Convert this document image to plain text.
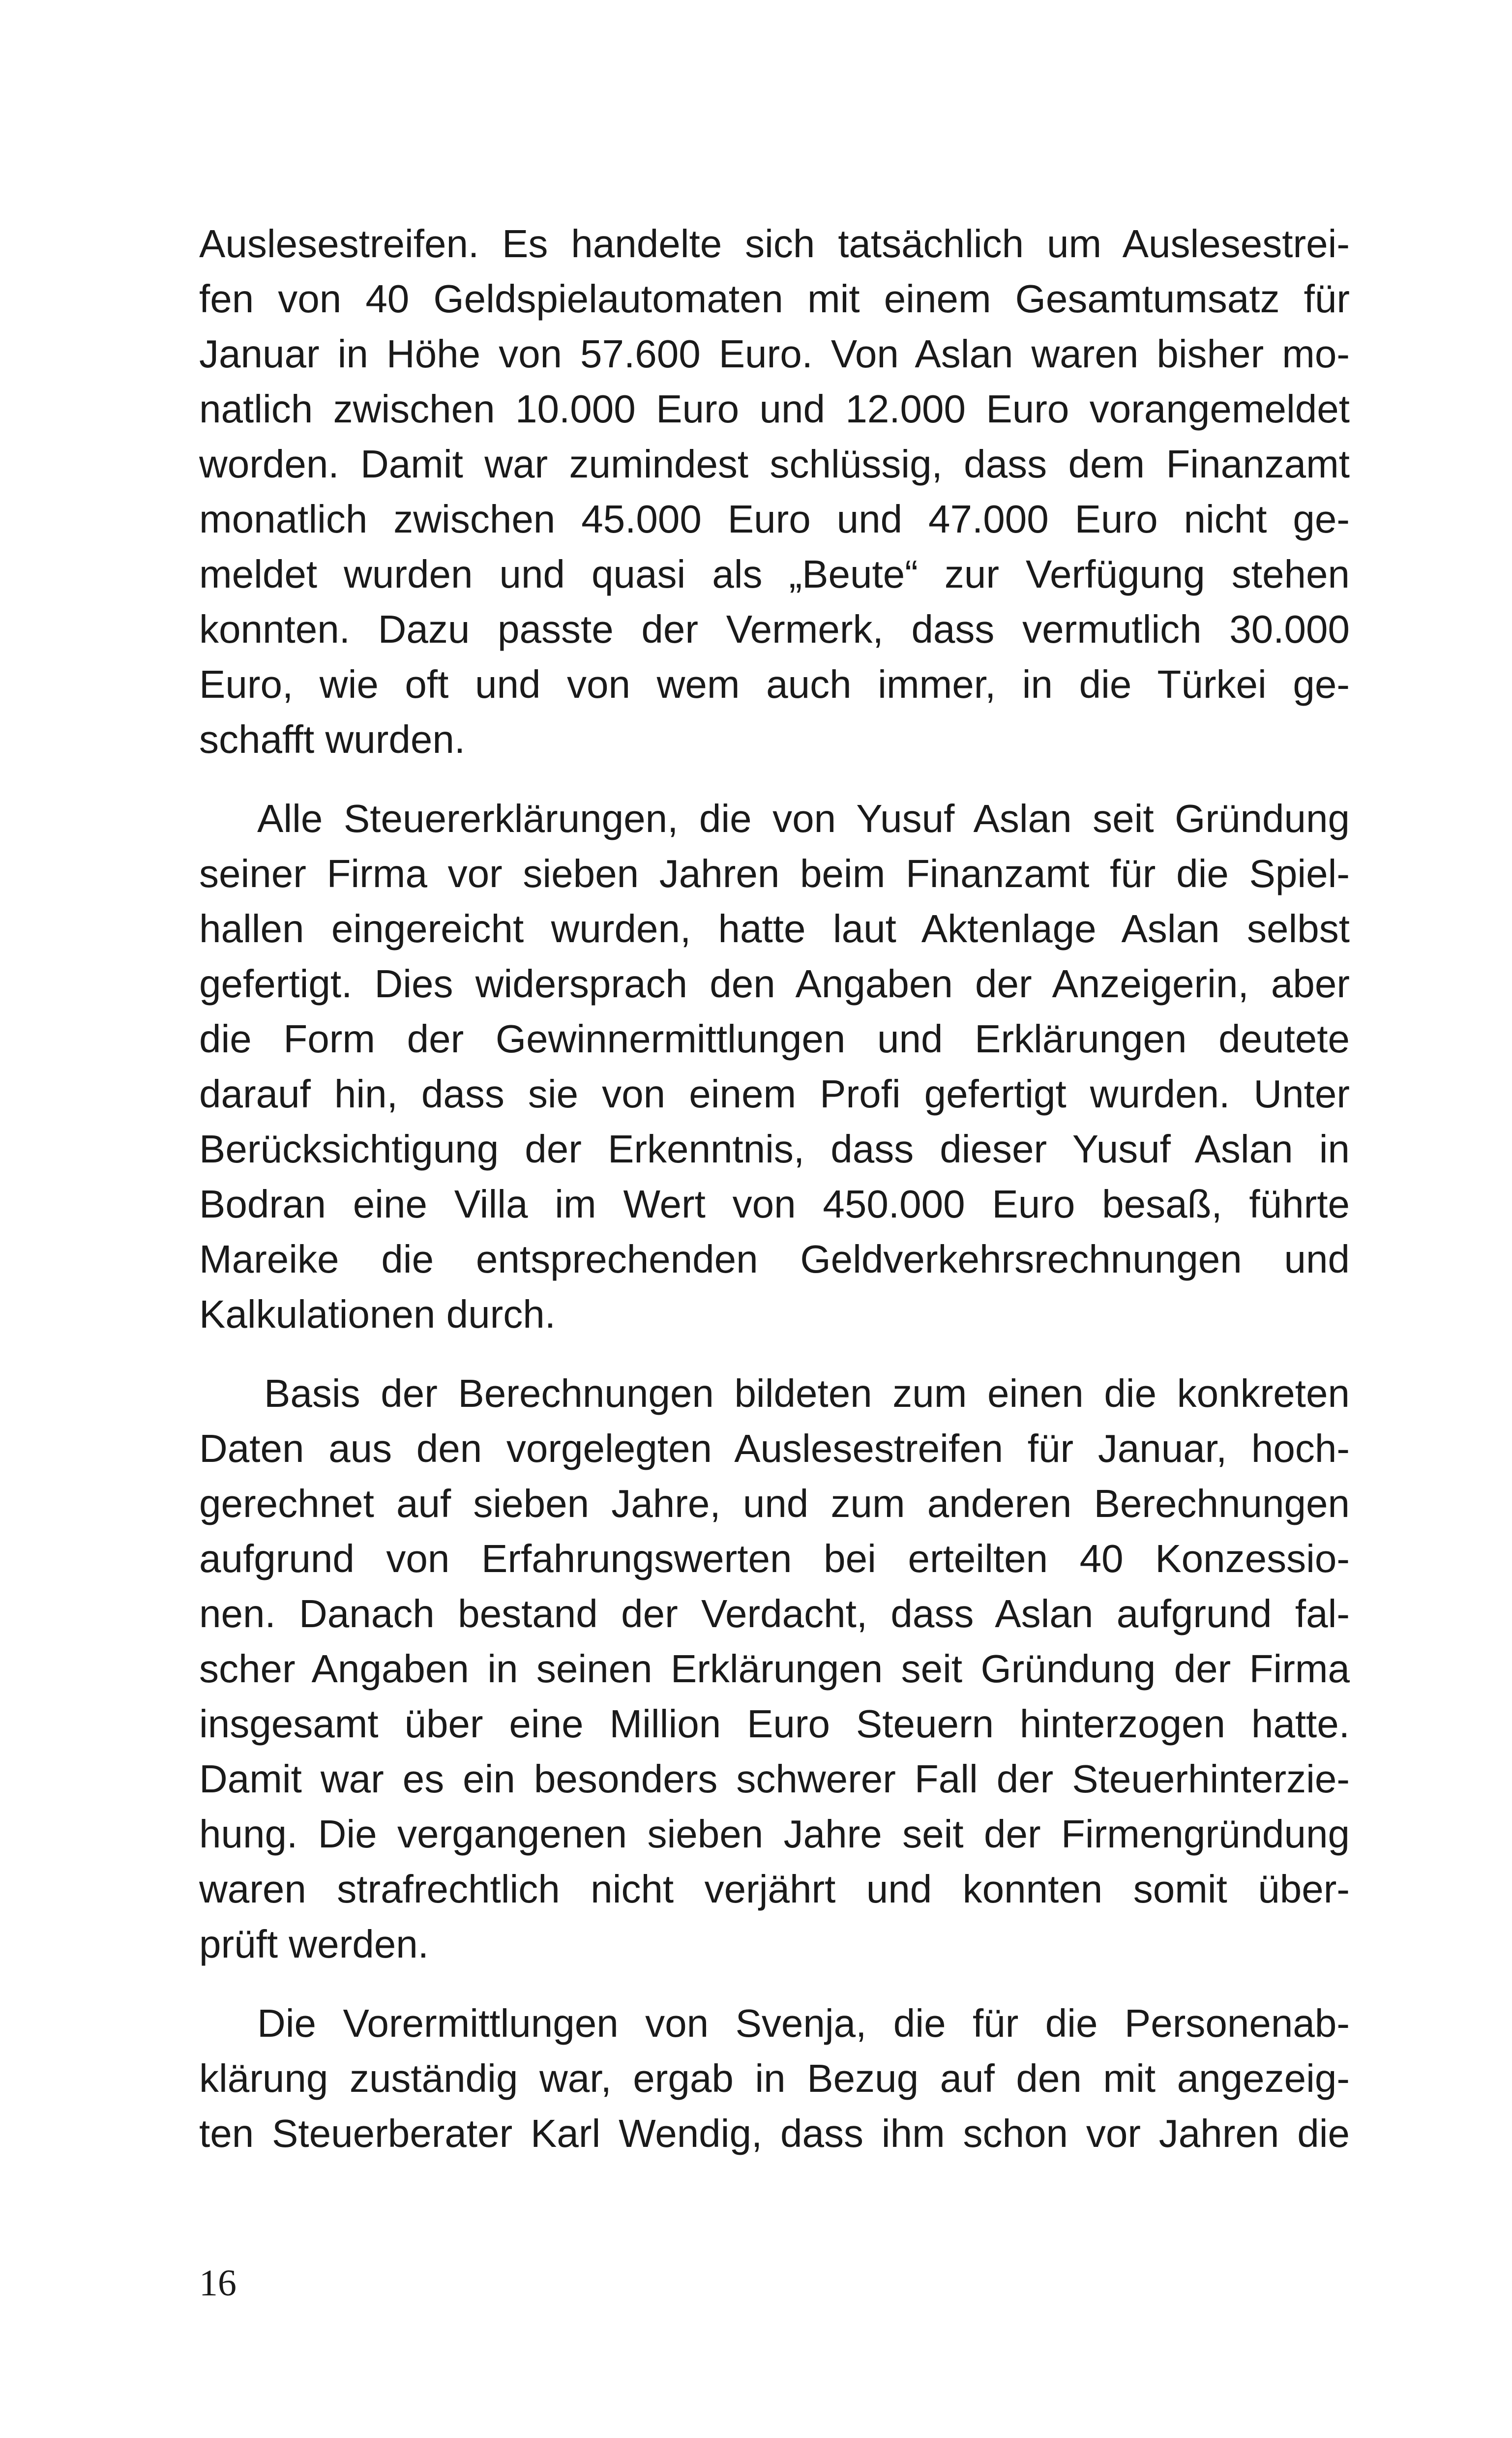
Auslesestreifen. Es handelte sich tatsächlich um Auslesestrei-
fen von 40 Geldspielautomaten mit einem Gesamtumsatz für
Januar in Höhe von 57.600 Euro. Von Aslan waren bisher mo-
natlich zwischen 10.000 Euro und 12.000 Euro vorangemeldet
worden. Damit war zumindest schlüssig, dass dem Finanzamt
monatlich zwischen 45.000 Euro und 47.000 Euro nicht ge-
meldet wurden und quasi als „Beute“ zur Verfügung stehen
konnten. Dazu passte der Vermerk, dass vermutlich 30.000
Euro, wie oft und von wem auch immer, in die Türkei ge-
schafft wurden.
Alle Steuererklärungen, die von Yusuf Aslan seit Gründung
seiner Firma vor sieben Jahren beim Finanzamt für die Spiel-
hallen eingereicht wurden, hatte laut Aktenlage Aslan selbst
gefertigt. Dies widersprach den Angaben der Anzeigerin, aber
die Form der Gewinnermittlungen und Erklärungen deutete
darauf hin, dass sie von einem Profi gefertigt wurden. Unter
Berücksichtigung der Erkenntnis, dass dieser Yusuf Aslan in
Bodran eine Villa im Wert von 450.000 Euro besaß, führte
Mareike die entsprechenden Geldverkehrsrechnungen und
Kalkulationen durch.
Basis der Berechnungen bildeten zum einen die konkreten
Daten aus den vorgelegten Auslesestreifen für Januar, hoch-
gerechnet auf sieben Jahre, und zum anderen Berechnungen
aufgrund von Erfahrungswerten bei erteilten 40 Konzessio-
nen. Danach bestand der Verdacht, dass Aslan aufgrund fal-
scher Angaben in seinen Erklärungen seit Gründung der Firma
insgesamt über eine Million Euro Steuern hinterzogen hatte.
Damit war es ein besonders schwerer Fall der Steuerhinterzie-
hung. Die vergangenen sieben Jahre seit der Firmengründung
waren strafrechtlich nicht verjährt und konnten somit über-
prüft werden.
Die Vorermittlungen von Svenja, die für die Personenab-
klärung zuständig war, ergab in Bezug auf den mit angezeig-
ten Steuerberater Karl Wendig, dass ihm schon vor Jahren die
16
